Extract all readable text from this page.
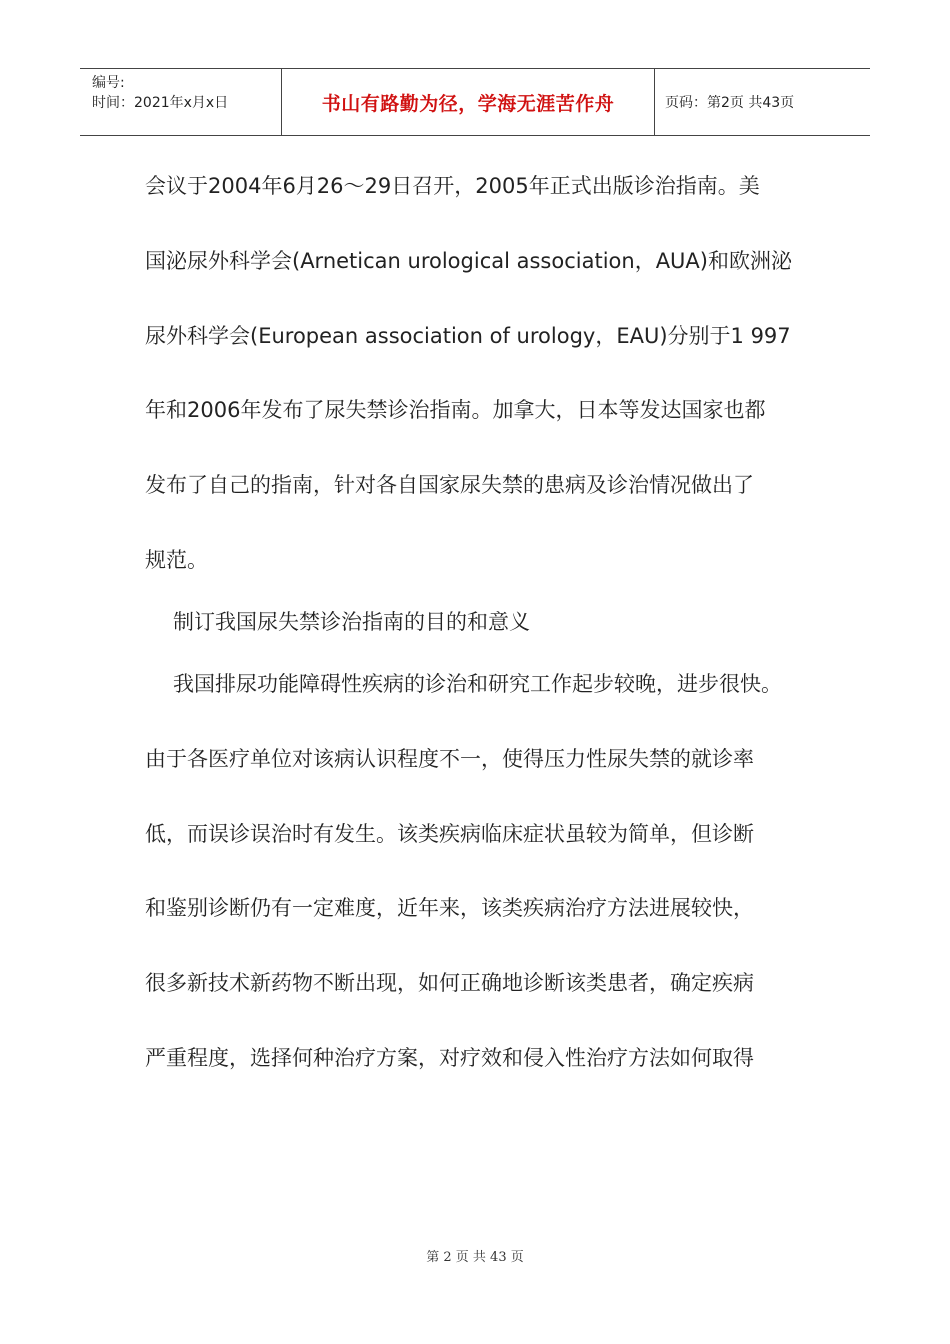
编号:
时间：2021年x月x日	书山有路勤为径，学海无涯苦作舟	页码：第2页 共43页
会议于2004年6月26～29日召开，2005年正式出版诊治指南。美
国泌尿外科学会(Arnetican urological association，AUA)和欧洲泌
尿外科学会(European association of urology，EAU)分别于1 997
年和2006年发布了尿失禁诊治指南。加拿大，日本等发达国家也都
发布了自己的指南，针对各自国家尿失禁的患病及诊治情况做出了
规范。
制订我国尿失禁诊治指南的目的和意义
我国排尿功能障碍性疾病的诊治和研究工作起步较晚，进步很快。
由于各医疗单位对该病认识程度不一，使得压力性尿失禁的就诊率
低，而误诊误治时有发生。该类疾病临床症状虽较为简单，但诊断
和鉴别诊断仍有一定难度，近年来，该类疾病治疗方法进展较快，
很多新技术新药物不断出现，如何正确地诊断该类患者，确定疾病
严重程度，选择何种治疗方案，对疗效和侵入性治疗方法如何取得
第 2 页 共 43 页
